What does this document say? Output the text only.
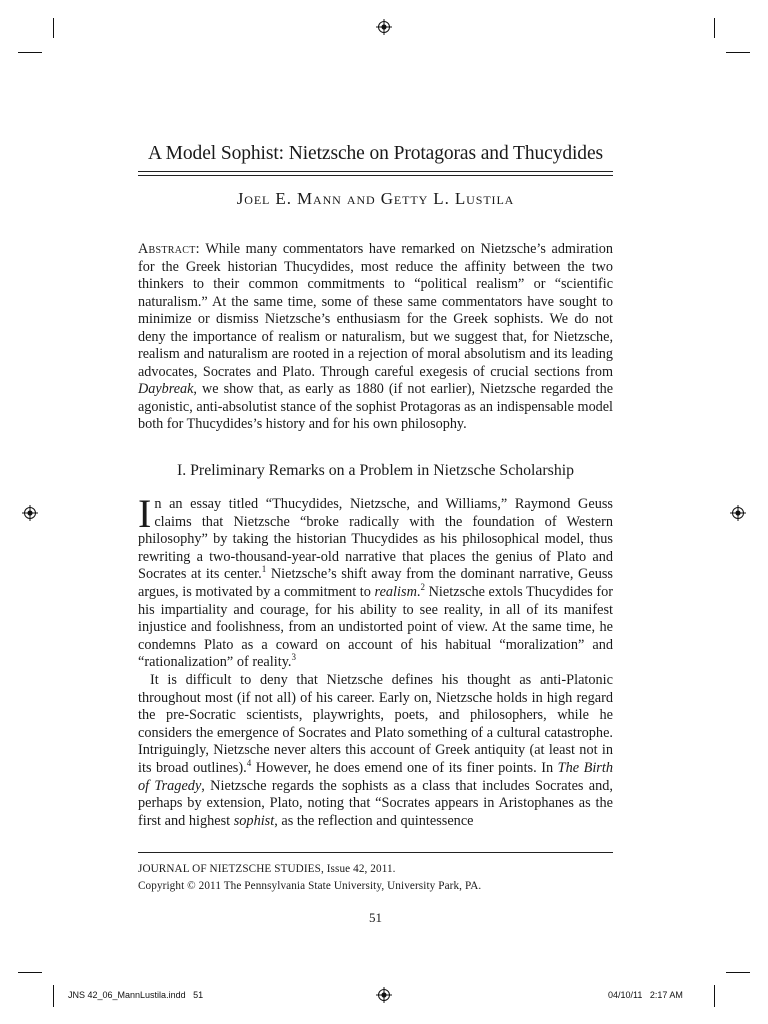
A Model Sophist: Nietzsche on Protagoras and Thucydides
Joel E. Mann and Getty L. Lustila

Abstract: While many commentators have remarked on Nietzsche’s admiration for the Greek historian Thucydides, most reduce the affinity between the two thinkers to their common commitments to “political realism” or “scientific naturalism.” At the same time, some of these same commentators have sought to minimize or dismiss Nietzsche’s enthusiasm for the Greek sophists. We do not deny the importance of realism or naturalism, but we suggest that, for Nietzsche, realism and naturalism are rooted in a rejection of moral absolutism and its leading advocates, Socrates and Plato. Through careful exegesis of crucial sections from Daybreak, we show that, as early as 1880 (if not earlier), Nietzsche regarded the agonistic, anti-absolutist stance of the sophist Protagoras as an indispensable model both for Thucydides’s history and for his own philosophy.

I. Preliminary Remarks on a Problem in Nietzsche Scholarship

In an essay titled “Thucydides, Nietzsche, and Williams,” Raymond Geuss claims that Nietzsche “broke radically with the foundation of Western philosophy” by taking the historian Thucydides as his philosophical model, thus rewriting a two-thousand-year-old narrative that places the genius of Plato and Socrates at its center.$^1$ Nietzsche’s shift away from the dominant narrative, Geuss argues, is motivated by a commitment to realism.$^2$ Nietzsche extols Thucydides for his impartiality and courage, for his ability to see reality, in all of its manifest injustice and foolishness, from an undistorted point of view. At the same time, he condemns Plato as a coward on account of his habitual “moralization” and “rationalization” of reality.$^3$

It is difficult to deny that Nietzsche defines his thought as anti-Platonic throughout most (if not all) of his career. Early on, Nietzsche holds in high regard the pre-Socratic scientists, playwrights, poets, and philosophers, while he considers the emergence of Socrates and Plato something of a cultural catastrophe. Intriguingly, Nietzsche never alters this account of Greek antiquity (at least not in its broad outlines).$^4$ However, he does emend one of its finer points. In The Birth of Tragedy, Nietzsche regards the sophists as a class that includes Socrates and, perhaps by extension, Plato, noting that “Socrates appears in Aristophanes as the first and highest sophist, as the reflection and quintessence

JOURNAL OF NIETZSCHE STUDIES, Issue 42, 2011.
Copyright © 2011 The Pennsylvania State University, University Park, PA.
51
JNS 42_06_MannLustila.indd   51	04/10/11   2:17 AM
